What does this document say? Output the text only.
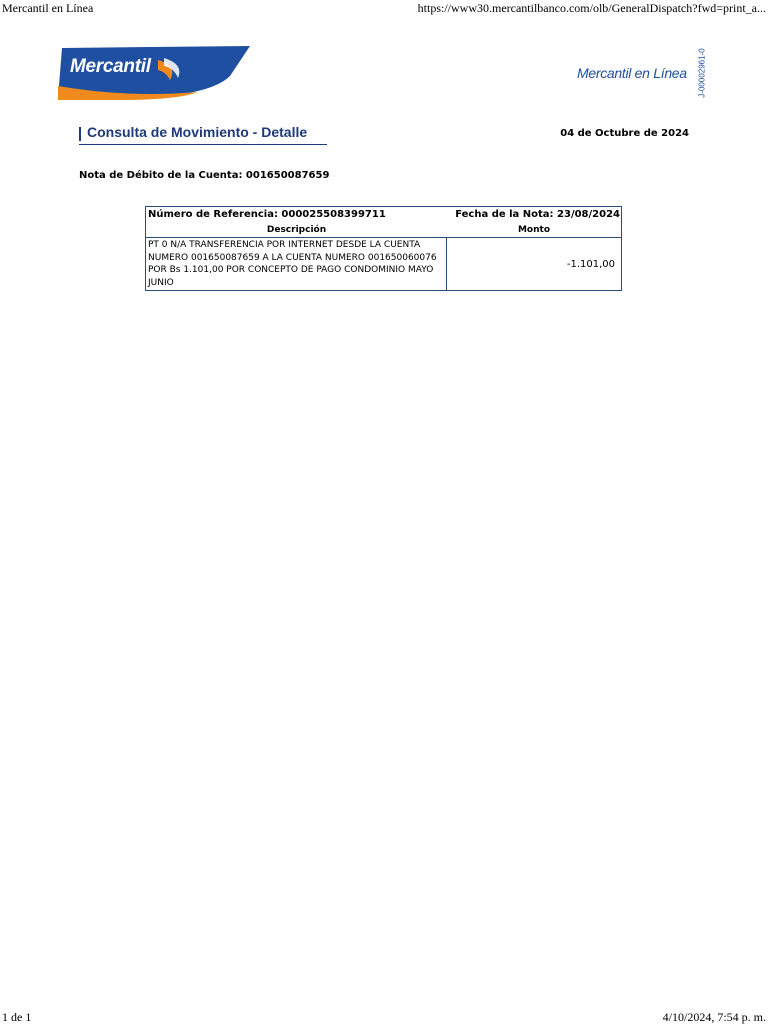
Mercantil en Línea	https://www30.mercantilbanco.com/olb/GeneralDispatch?fwd=print_a...
Mercantil	Mercantil en Línea J-00002961-0
Consulta de Movimiento - Detalle	04 de Octubre de 2024
Nota de Débito de la Cuenta: 001650087659
Número de Referencia: 000025508399711	Fecha de la Nota: 23/08/2024
Descripción	Monto
PT 0 N/A TRANSFERENCIA POR INTERNET DESDE LA CUENTA NUMERO 001650087659 A LA CUENTA NUMERO 001650060076 POR Bs 1.101,00 POR CONCEPTO DE PAGO CONDOMINIO MAYO JUNIO
-1.101,00
1 de 1	4/10/2024, 7:54 p. m.
